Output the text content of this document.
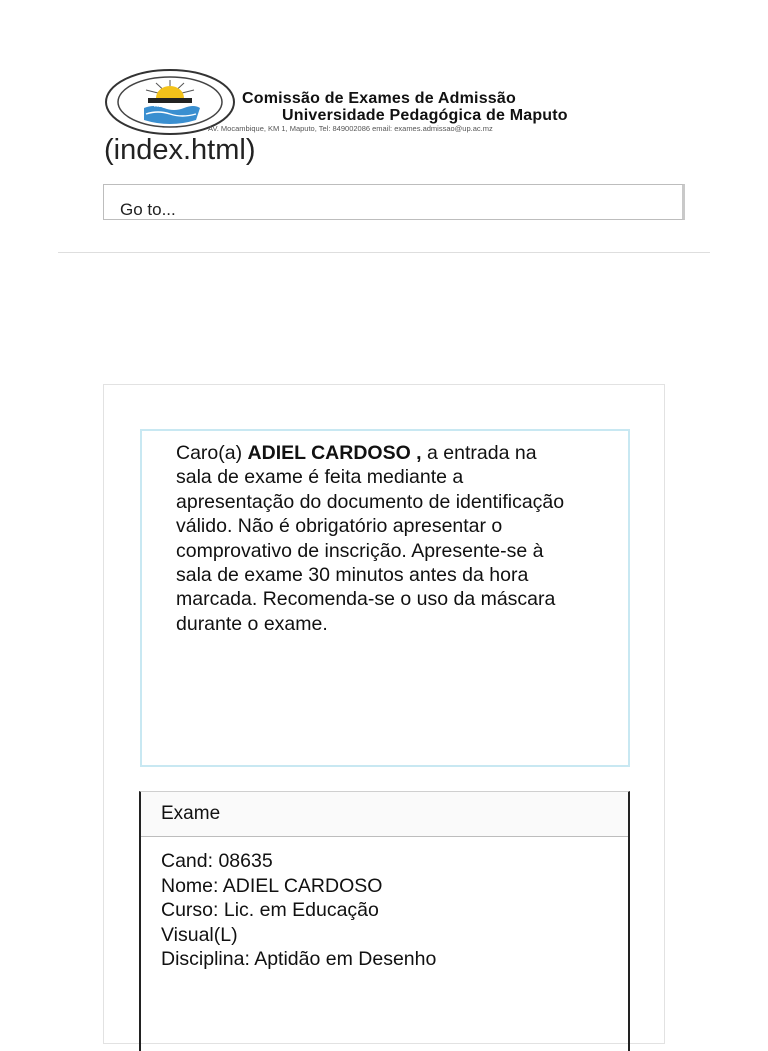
MOÇAMBIQUE	Comissão de Exames de Admissão
Universidade Pedagógica de Maputo
AV. Mocambique, KM 1, Maputo, Tel: 849002086 email: exames.admissao@up.ac.mz
(index.html)
Go to...

Caro(a) ADIEL CARDOSO , a entrada na sala de exame é feita mediante a apresentação do documento de identificação válido. Não é obrigatório apresentar o comprovativo de inscrição. Apresente-se à sala de exame 30 minutos antes da hora marcada. Recomenda-se o uso da máscara durante o exame.

Exame
Cand: 08635
Nome: ADIEL CARDOSO
Curso: Lic. em Educação
Visual(L)
Disciplina: Aptidão em Desenho
